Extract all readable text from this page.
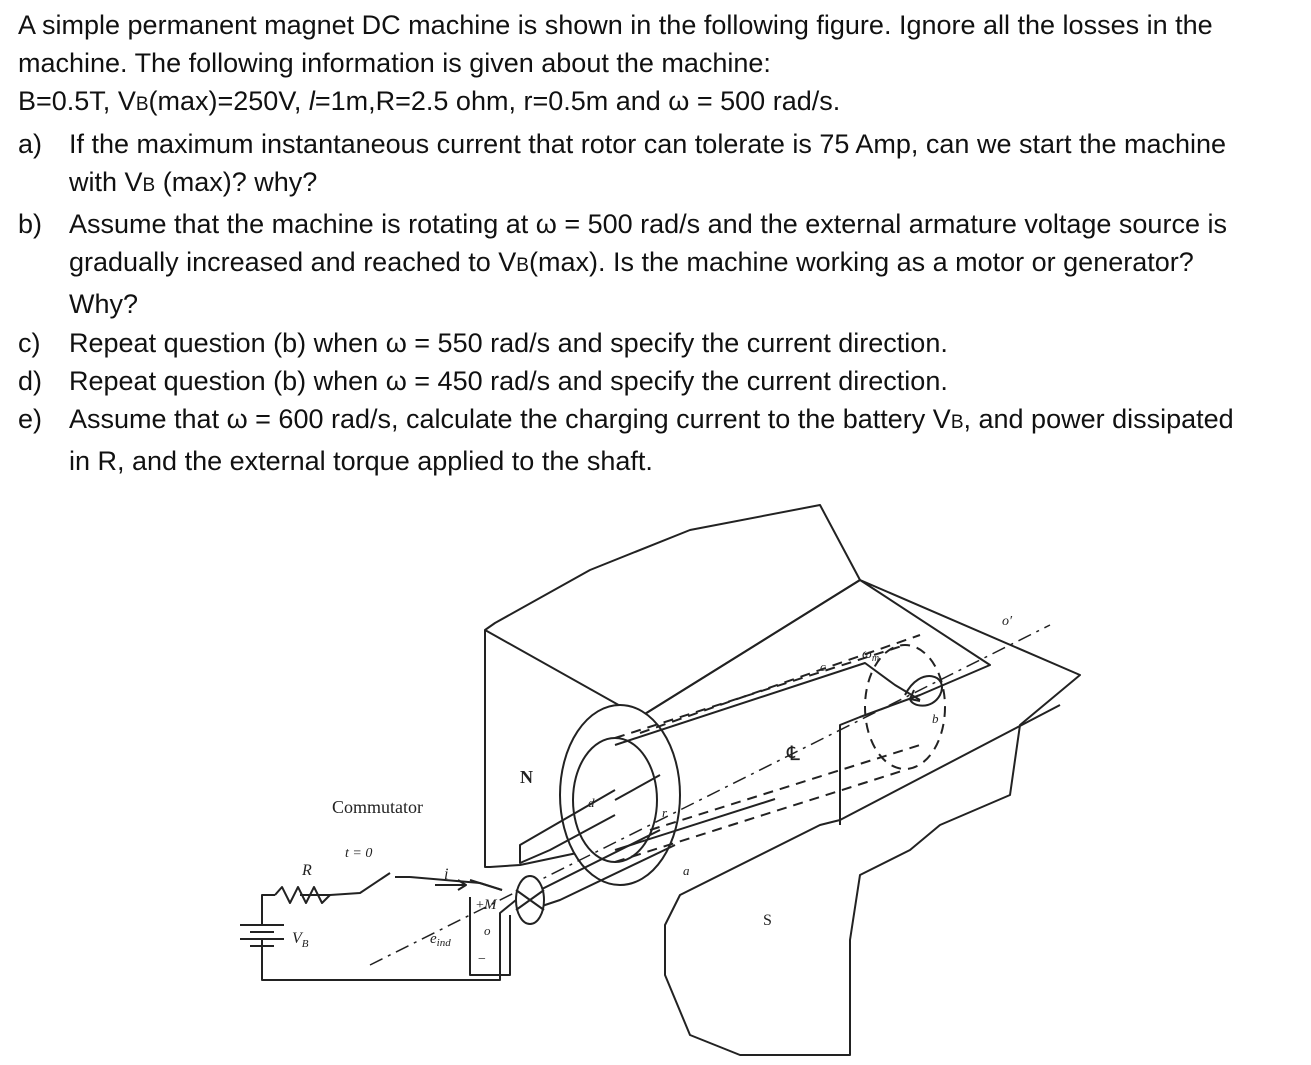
A simple permanent magnet DC machine is shown in the following figure. Ignore all the losses in the
machine. The following information is given about the machine:
B=0.5T, VB(max)=250V, l=1m,R=2.5 ohm, r=0.5m and ω = 500 rad/s.
a) If the maximum instantaneous current that rotor can tolerate is 75 Amp, can we start the machine
with VB (max)? why?
b) Assume that the machine is rotating at ω = 500 rad/s and the external armature voltage source is
gradually increased and reached to VB(max). Is the machine working as a motor or generator?
Why?
c) Repeat question (b) when ω = 550 rad/s and specify the current direction.
d) Repeat question (b) when ω = 450 rad/s and specify the current direction.
e) Assume that ω = 600 rad/s, calculate the charging current to the battery VB, and power dissipated
in R, and the external torque applied to the shaft.
Commutator
t = 0
R
$V_B$
i
$e_{ind}$
+
−
M
o
N
S
a
b
c
d
r
o′
$\omega_m$
℄
